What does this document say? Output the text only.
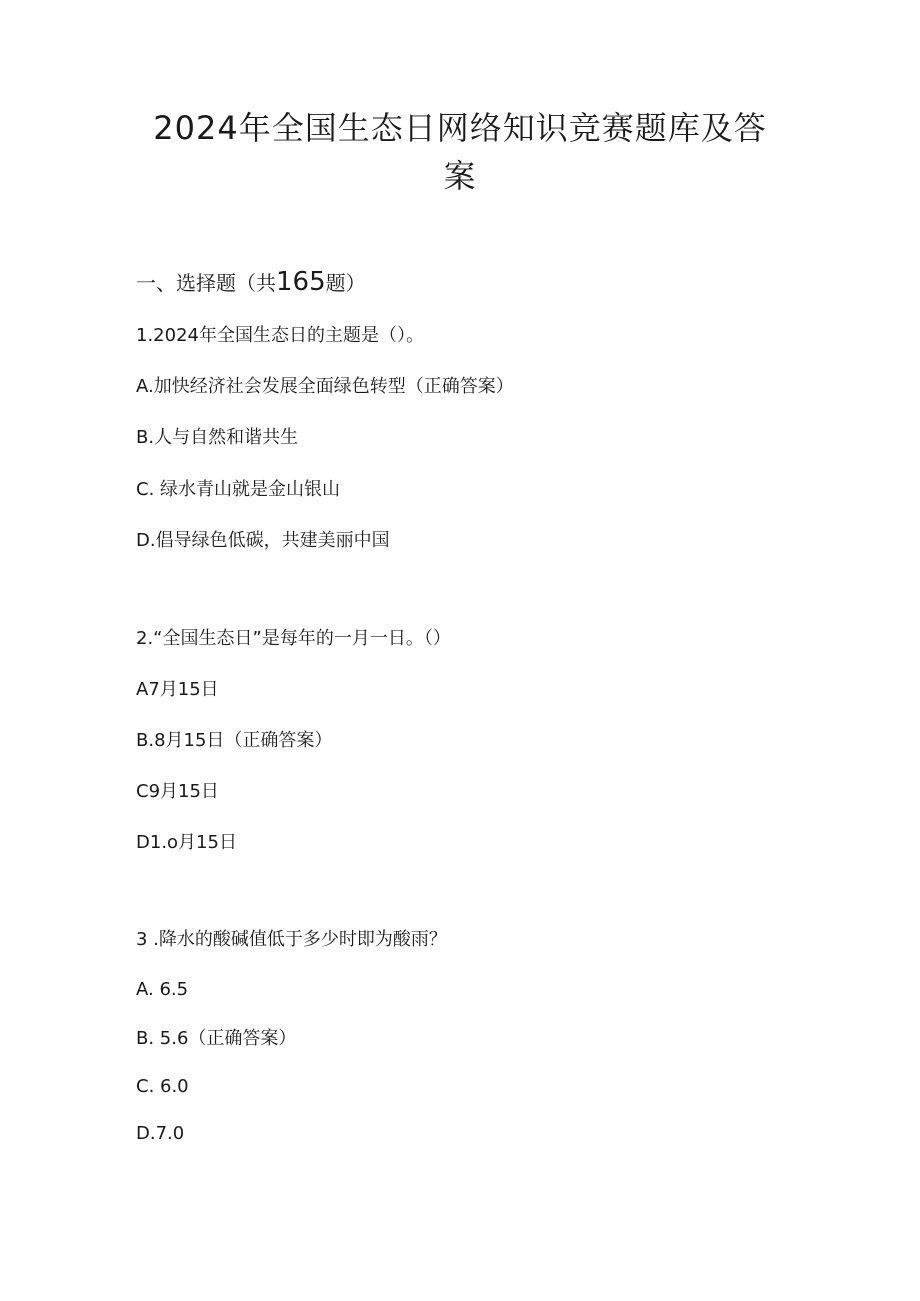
2024年全国生态日网络知识竞赛题库及答
案
一、选择题（共165题）

1.2024年全国生态日的主题是（）。

A.加快经济社会发展全面绿色转型（正确答案）

B.人与自然和谐共生

C. 绿水青山就是金山银山

D.倡导绿色低碳，共建美丽中国

2.“全国生态日”是每年的一月一日。（）

A7月15日

B.8月15日（正确答案）

C9月15日

D1.o月15日

3 .降水的酸碱值低于多少时即为酸雨？

A. 6.5

B. 5.6（正确答案）

C. 6.0

D.7.0
